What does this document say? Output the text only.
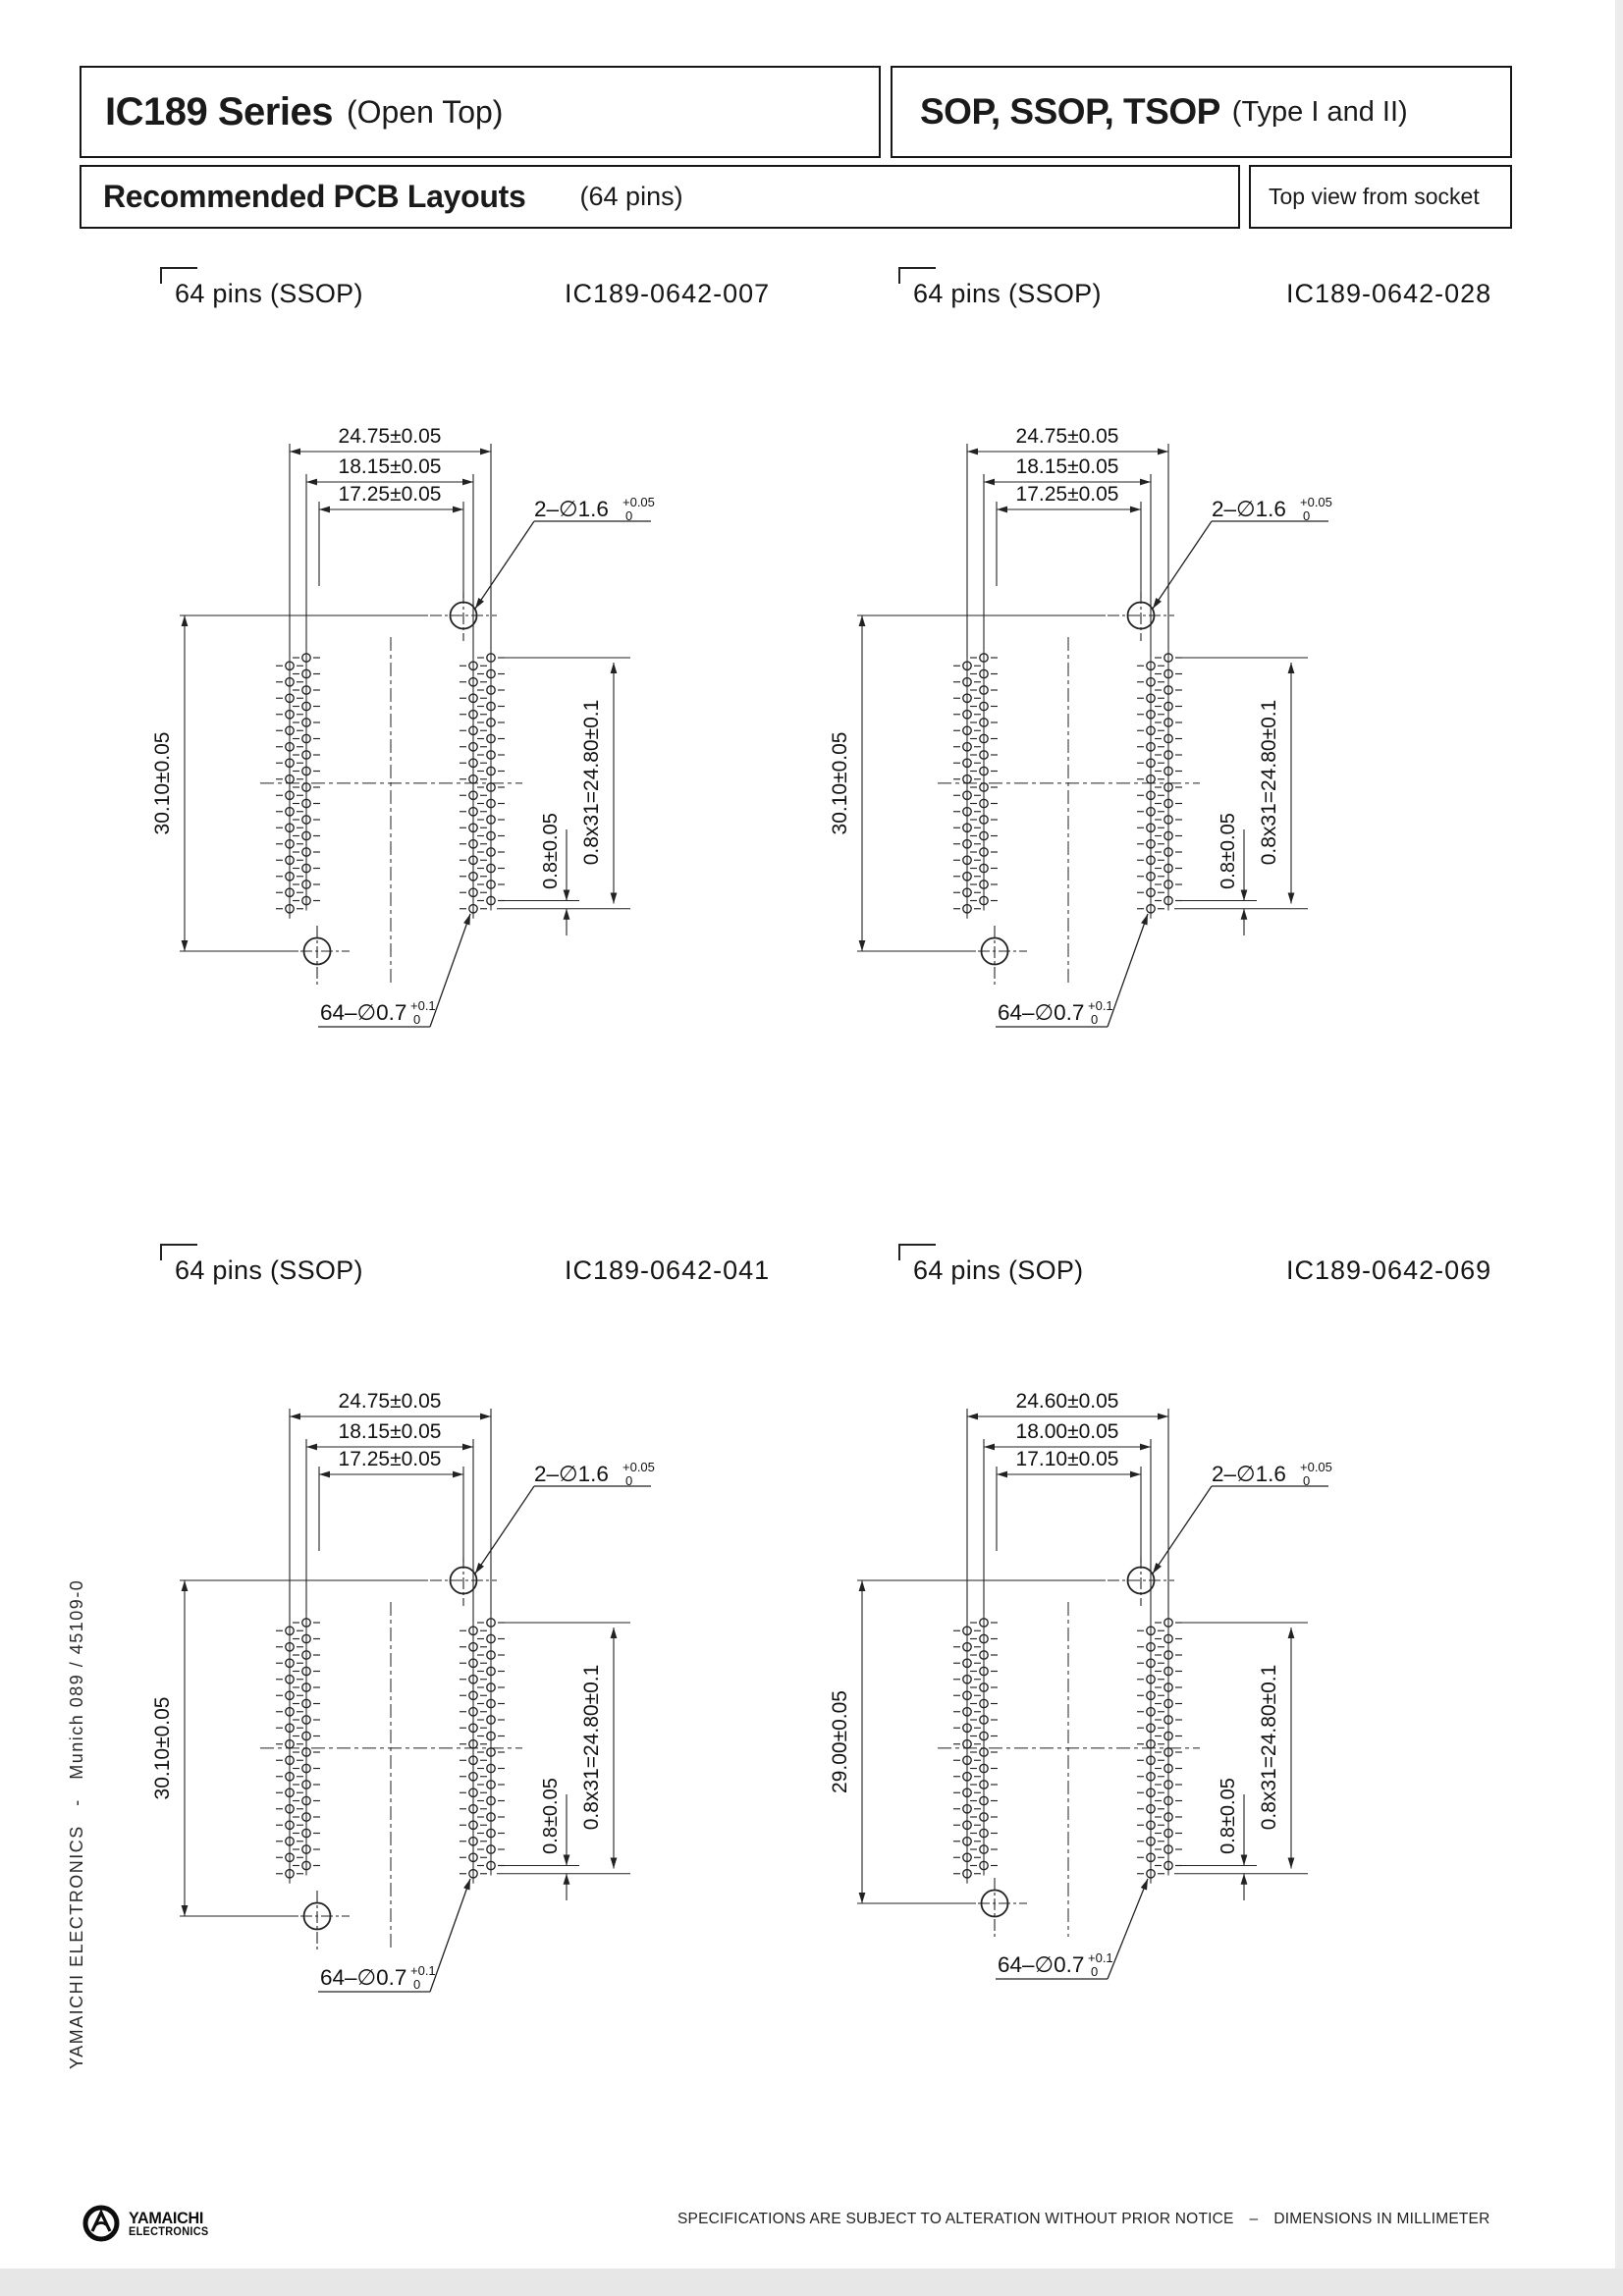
IC189 Series (Open Top)	SOP, SSOP, TSOP (Type I and II)
Recommended PCB Layouts (64 pins)	Top view from socket
64 pins (SSOP)	IC189-0642-007	64 pins (SSOP)	IC189-0642-028
64 pins (SSOP)	IC189-0642-041	64 pins (SOP)	IC189-0642-069
24.75±0.05
18.15±0.05
17.25±0.05
30.10±0.05	0.8x31=24.80±0.1
0.8±0.05
2–∅1.6 +0.05
0
64–∅0.7 +0.1
0
24.75±0.05
18.15±0.05
17.25±0.05
30.10±0.05	0.8x31=24.80±0.1
0.8±0.05
2–∅1.6 +0.05
0
64–∅0.7 +0.1
0
24.75±0.05
18.15±0.05
17.25±0.05
30.10±0.05	0.8x31=24.80±0.1
0.8±0.05
2–∅1.6 +0.05
0
64–∅0.7 +0.1
0
24.60±0.05
18.00±0.05
17.10±0.05
29.00±0.05	0.8x31=24.80±0.1
0.8±0.05
2–∅1.6 +0.05
0
64–∅0.7 +0.1
0
YAMAICHI ELECTRONICS   -   Munich 089 / 45109-0
YAMAICHI
ELECTRONICS
SPECIFICATIONS ARE SUBJECT TO ALTERATION WITHOUT PRIOR NOTICE – DIMENSIONS IN MILLIMETER
